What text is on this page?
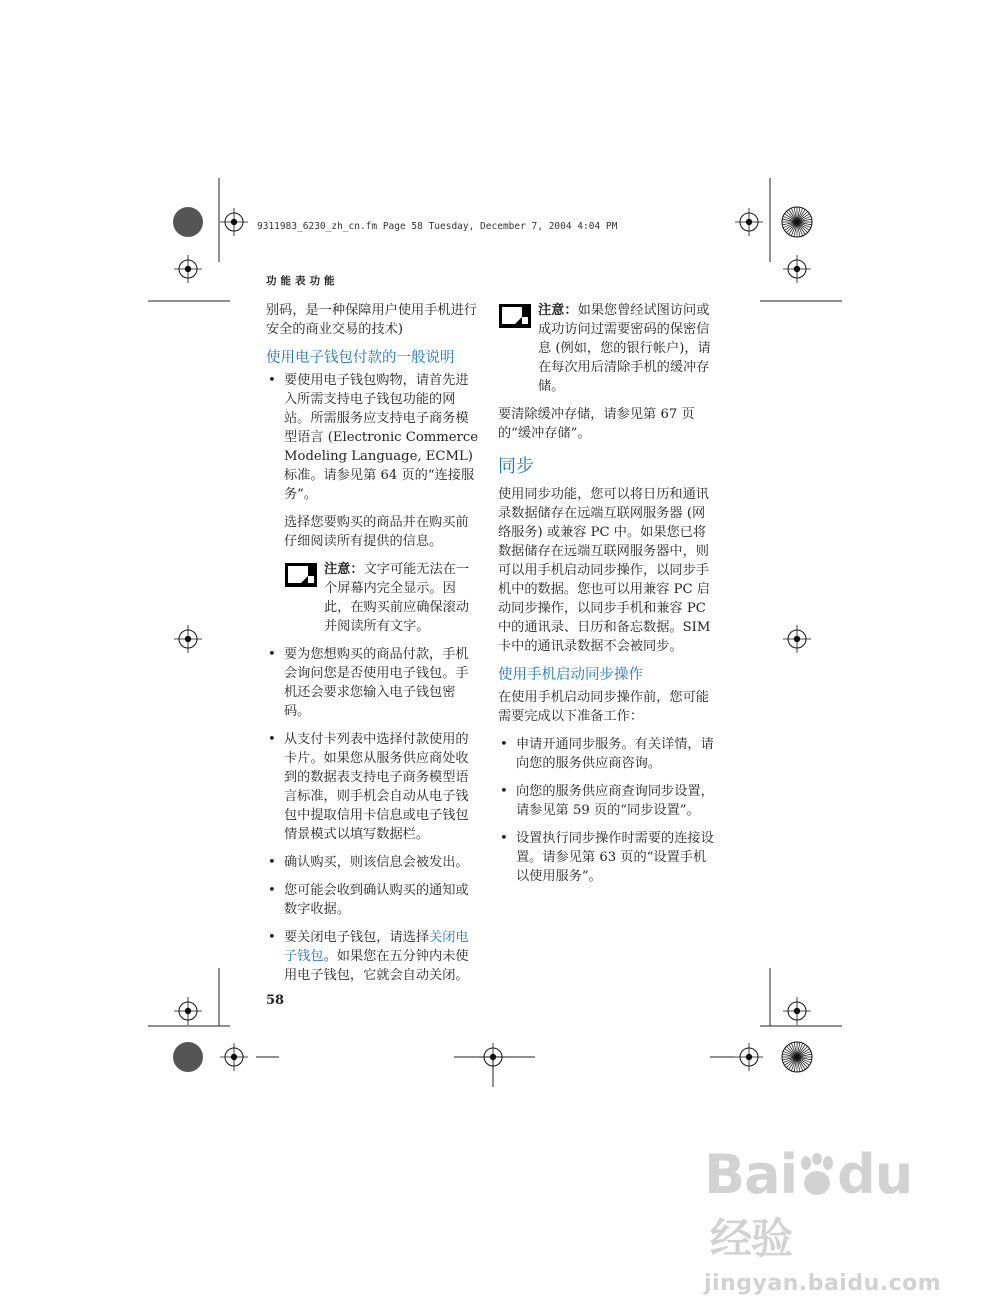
9311983_6230_zh_cn.fm Page 58 Tuesday, December 7, 2004 4:04 PM
功能表功能

别码，是一种保障用户使用手机进行安全的商业交易的技术)

使用电子钱包付款的一般说明
• 要使用电子钱包购物，请首先进入所需支持电子钱包功能的网站。所需服务应支持电子商务模型语言 (Electronic Commerce Modeling Language, ECML) 标准。请参见第 64 页的“连接服务”。

选择您要购买的商品并在购买前仔细阅读所有提供的信息。

注意：文字可能无法在一个屏幕内完全显示。因此，在购买前应确保滚动并阅读所有文字。
• 要为您想购买的商品付款，手机会询问您是否使用电子钱包。手机还会要求您输入电子钱包密码。
• 从支付卡列表中选择付款使用的卡片。如果您从服务供应商处收到的数据表支持电子商务模型语言标准，则手机会自动从电子钱包中提取信用卡信息或电子钱包情景模式以填写数据栏。
• 确认购买，则该信息会被发出。
• 您可能会收到确认购买的通知或数字收据。
• 要关闭电子钱包，请选择关闭电子钱包。如果您在五分钟内未使用电子钱包，它就会自动关闭。
注意：如果您曾经试图访问或成功访问过需要密码的保密信息 (例如，您的银行帐户)，请在每次用后清除手机的缓冲存储。

要清除缓冲存储，请参见第 67 页的“缓冲存储”。

同步

使用同步功能，您可以将日历和通讯录数据储存在远端互联网服务器 (网络服务) 或兼容 PC 中。如果您已将数据储存在远端互联网服务器中，则可以用手机启动同步操作，以同步手机中的数据。您也可以用兼容 PC 启动同步操作，以同步手机和兼容 PC 中的通讯录、日历和备忘数据。SIM 卡中的通讯录数据不会被同步。

使用手机启动同步操作

在使用手机启动同步操作前，您可能需要完成以下准备工作：

• 申请开通同步服务。有关详情，请向您的服务供应商咨询。
• 向您的服务供应商查询同步设置，请参见第 59 页的“同步设置”。
• 设置执行同步操作时需要的连接设置。请参见第 63 页的“设置手机以使用服务”。
58
Bai du经验
jingyan.baidu.com
